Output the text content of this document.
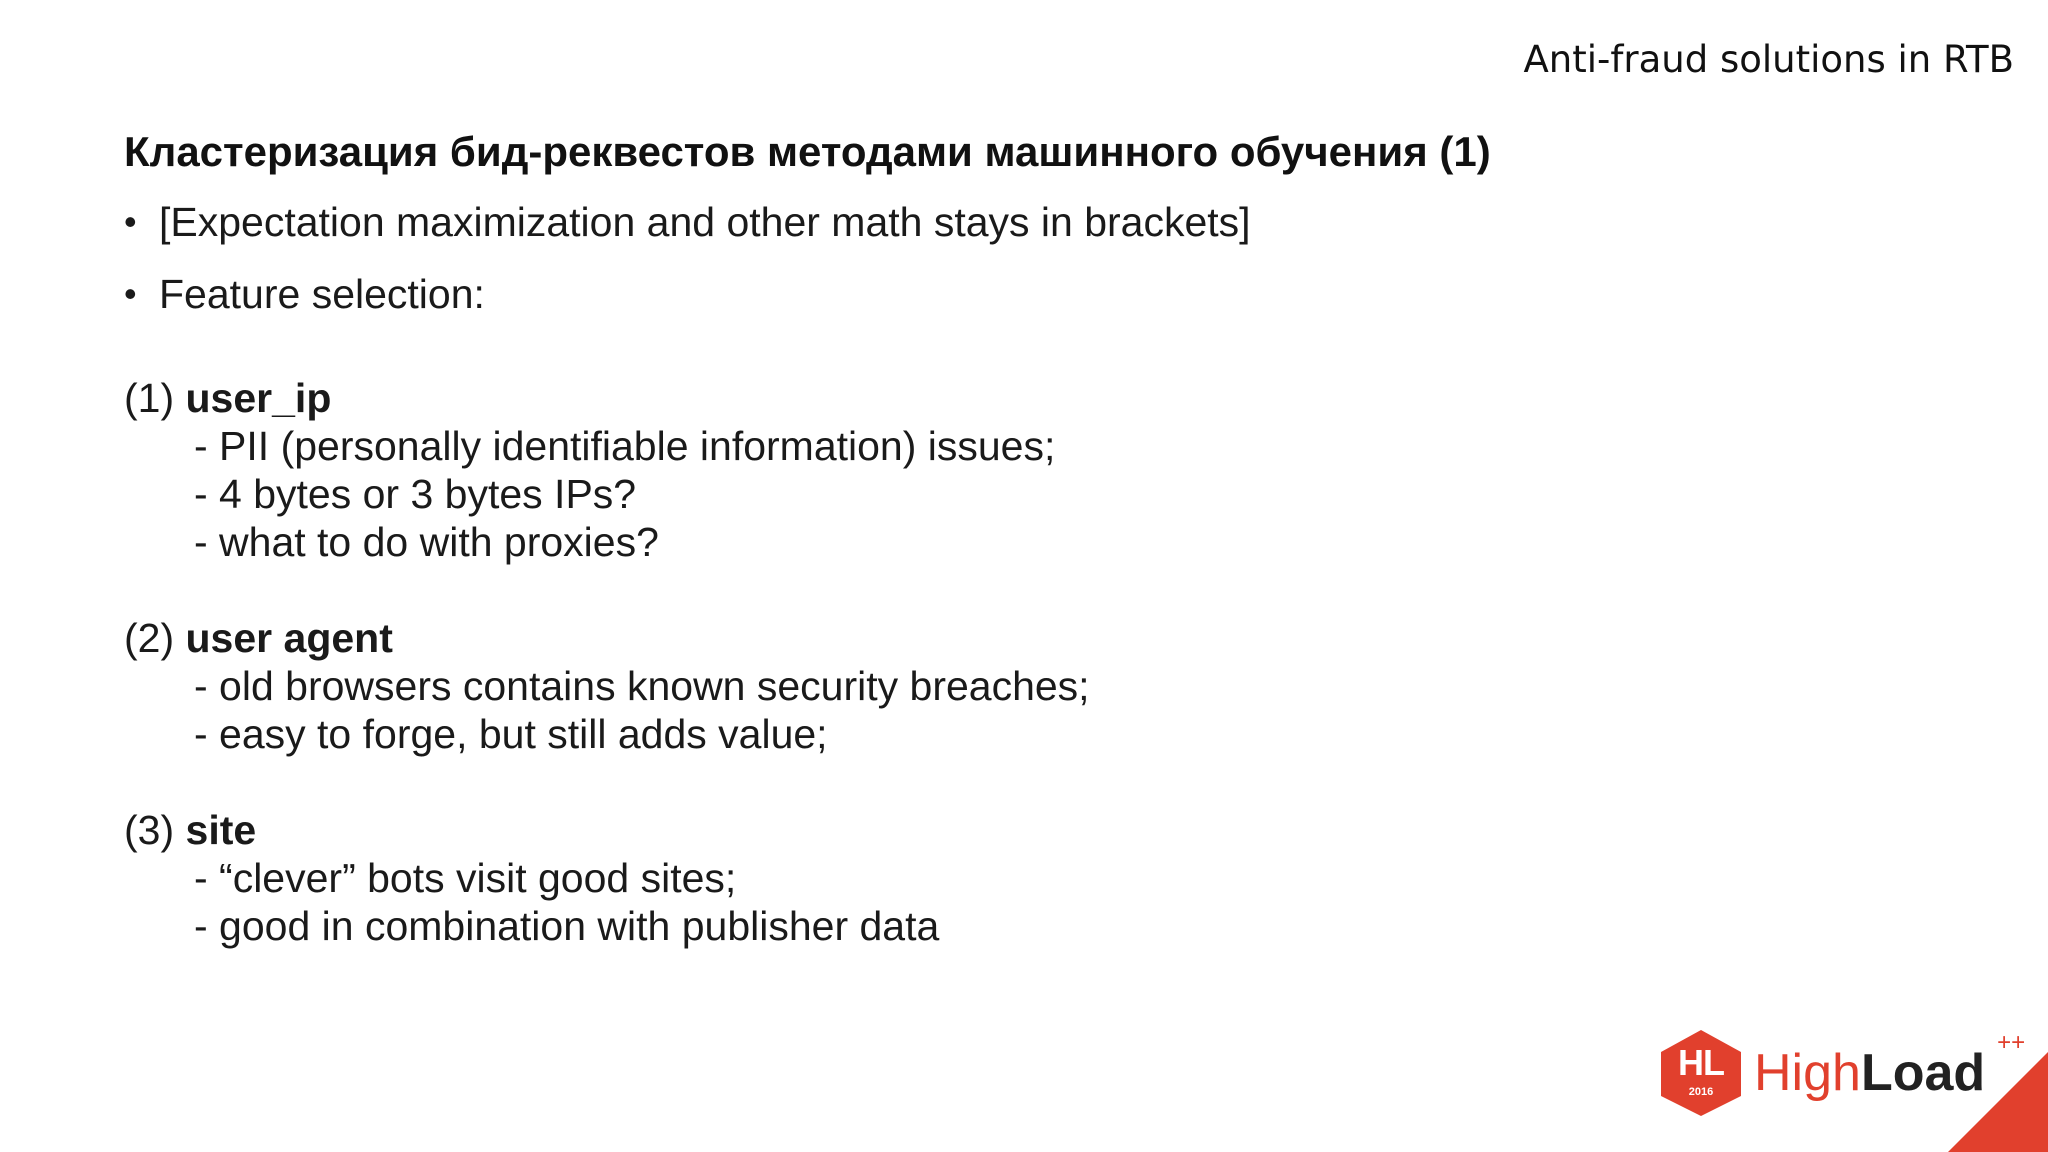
Anti-fraud solutions in RTB
Кластеризация бид-реквестов методами машинного обучения (1)
• [Expectation maximization and other math stays in brackets]
• Feature selection:
(1) user_ip
- PII (personally identifiable information) issues;
- 4 bytes or 3 bytes IPs?
- what to do with proxies?
(2) user agent
- old browsers contains known security breaches;
- easy to forge, but still adds value;
(3) site
- “clever” bots visit good sites;
- good in combination with publisher data
HL
2016 HighLoad
++
